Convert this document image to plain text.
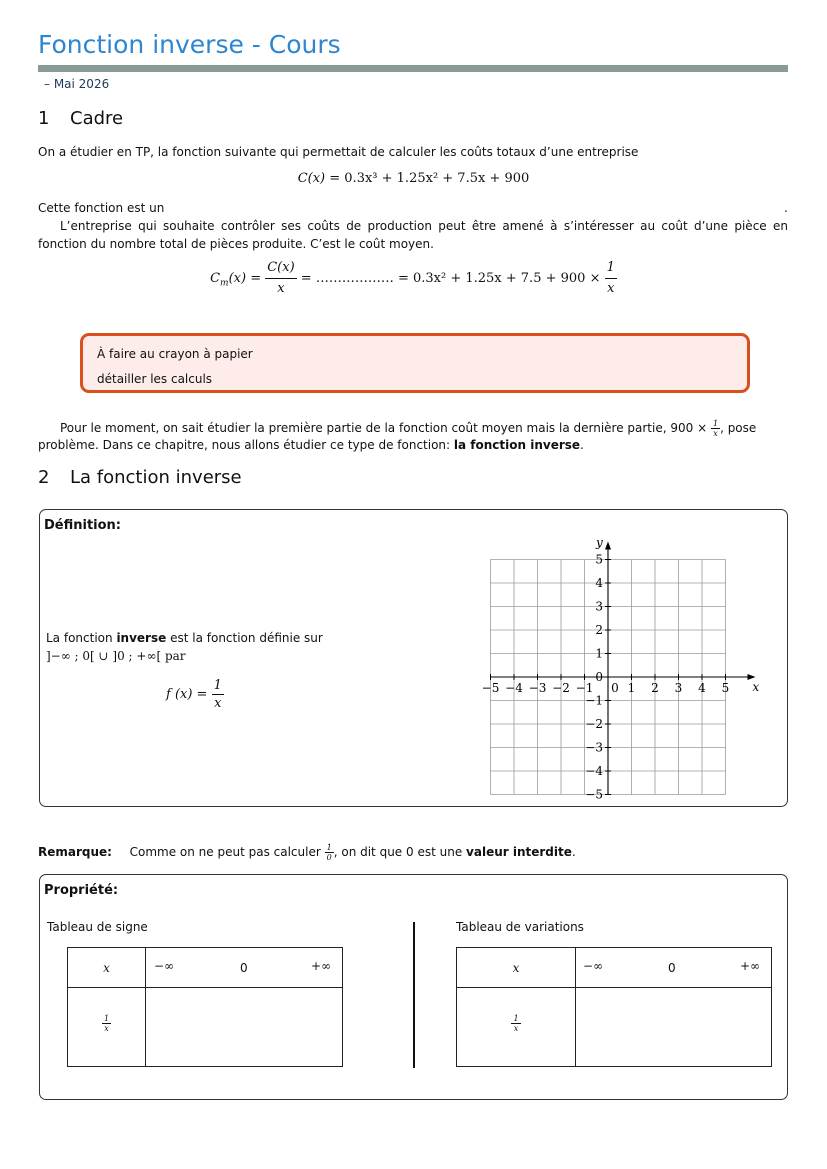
Fonction inverse - Cours
– Mai 2026
1 Cadre
On a étudier en TP, la fonction suivante qui permettait de calculer les coûts totaux d’une entreprise
C(x) = 0.3x³ + 1.25x² + 7.5x + 900
Cette fonction est un	.
L’entreprise qui souhaite contrôler ses coûts de production peut être amené à s’intéresser au coût d’une pièce en fonction du nombre total de pièces produite. C’est le coût moyen.
$C_m(x) = \frac{C(x)}{x}$ = ……………… = $0.3x^2 + 1.25x + 7.5 + 900 \times \frac{1}{x}$
À faire au crayon à papier
détailler les calculs
Pour le moment, on sait étudier la première partie de la fonction coût moyen mais la dernière partie, $900 \times \frac{1}{x}$ , pose
problème. Dans ce chapitre, nous allons étudier ce type de fonction: la fonction inverse.
2 La fonction inverse
Définition:
La fonction inverse est la fonction définie sur
]−∞ ; 0[ ∪ ]0 ; +∞[ par
f $(x) = \frac{1}{x}$	−5 −4 −3 −2 −1 0 1 2 3 4 5
5
4
3
2
1
0
−1
−2
−3
−4
−5
x
y
Remarque: Comme on ne peut pas calculer $\frac{1}{0}$ , on dit que 0 est une valeur interdite.
Propriété:
Tableau de signe	Tableau de variations
x	−∞	0	+∞
$\frac{1}{x}$
x	−∞	0	+∞
$\frac{1}{x}$
